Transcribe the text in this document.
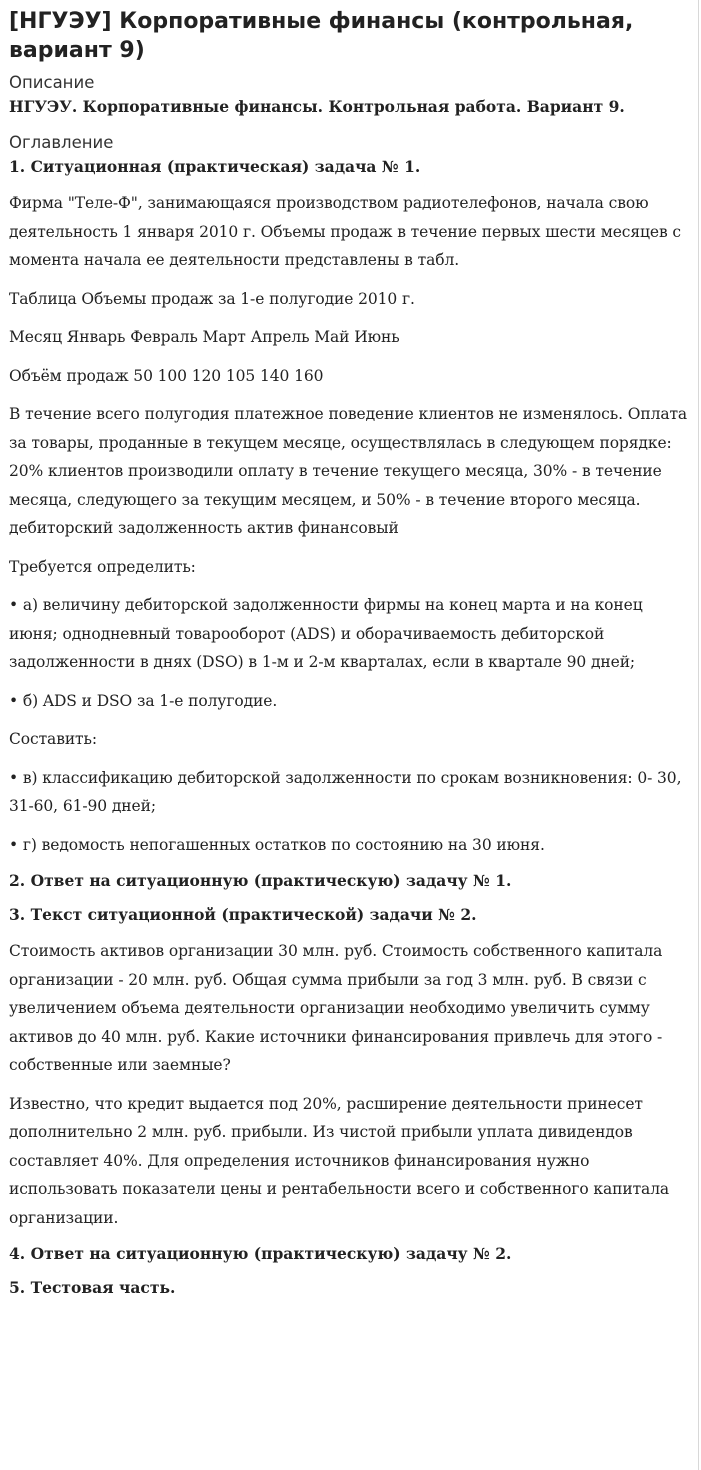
[НГУЭУ] Корпоративные финансы (контрольная, вариант 9)
Описание
НГУЭУ. Корпоративные финансы. Контрольная работа. Вариант 9.
Оглавление
1. Ситуационная (практическая) задача № 1.

Фирма "Теле-Ф", занимающаяся производством радиотелефонов, начала свою деятельность 1 января 2010 г. Объемы продаж в течение первых шести месяцев с момента начала ее деятельности представлены в табл.

Таблица Объемы продаж за 1-е полугодие 2010 г.

Месяц Январь Февраль Март Апрель Май Июнь

Объём продаж 50 100 120 105 140 160

В течение всего полугодия платежное поведение клиентов не изменялось. Оплата за товары, проданные в текущем месяце, осуществлялась в следующем порядке: 20% клиентов производили оплату в течение текущего месяца, 30% - в течение месяца, следующего за текущим месяцем, и 50% - в течение второго месяца. дебиторский задолженность актив финансовый

Требуется определить:

• а) величину дебиторской задолженности фирмы на конец марта и на конец июня; однодневный товарооборот (ADS) и оборачиваемость дебиторской задолженности в днях (DSO) в 1-м и 2-м кварталах, если в квартале 90 дней;

• б) ADS и DSO за 1-е полугодие.

Составить:

• в) классификацию дебиторской задолженности по срокам возникновения: 0- 30, 31-60, 61-90 дней;

• г) ведомость непогашенных остатков по состоянию на 30 июня.

2. Ответ на ситуационную (практическую) задачу № 1.
3. Текст ситуационной (практической) задачи № 2.

Стоимость активов организации 30 млн. руб. Стоимость собственного капитала организации - 20 млн. руб. Общая сумма прибыли за год 3 млн. руб. В связи с увеличением объема деятельности организации необходимо увеличить сумму активов до 40 млн. руб. Какие источники финансирования привлечь для этого - собственные или заемные?

Известно, что кредит выдается под 20%, расширение деятельности принесет дополнительно 2 млн. руб. прибыли. Из чистой прибыли уплата дивидендов составляет 40%. Для определения источников финансирования нужно использовать показатели цены и рентабельности всего и собственного капитала организации.

4. Ответ на ситуационную (практическую) задачу № 2.
5. Тестовая часть.
